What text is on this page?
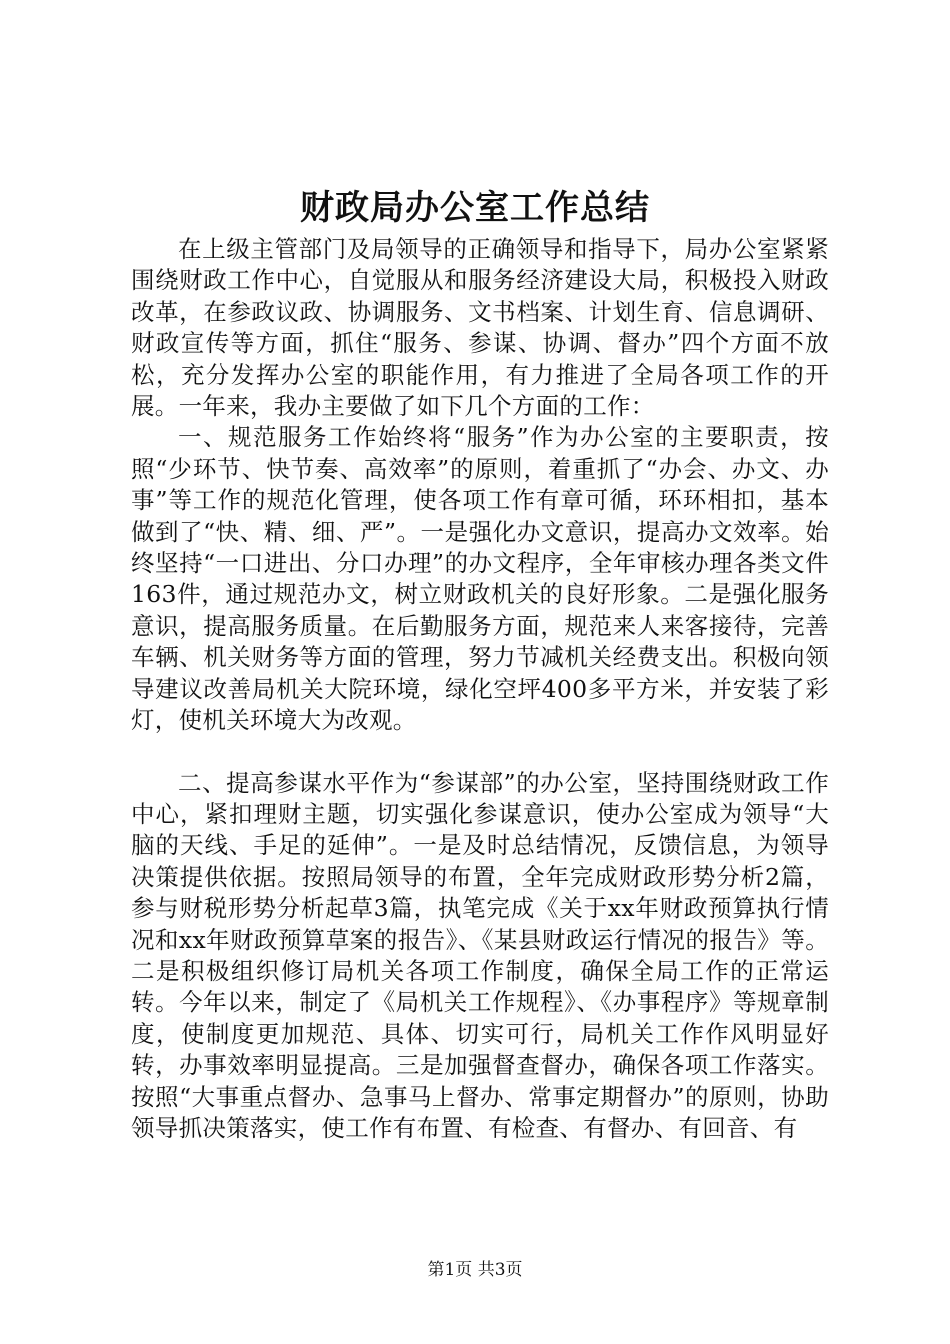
财政局办公室工作总结

在上级主管部门及局领导的正确领导和指导下，局办公室紧紧围绕财政工作中心，自觉服从和服务经济建设大局，积极投入财政改革，在参政议政、协调服务、文书档案、计划生育、信息调研、财政宣传等方面，抓住“服务、参谋、协调、督办”四个方面不放松，充分发挥办公室的职能作用，有力推进了全局各项工作的开展。一年来，我办主要做了如下几个方面的工作：

一、规范服务工作始终将“服务”作为办公室的主要职责，按照“少环节、快节奏、高效率”的原则，着重抓了“办会、办文、办事”等工作的规范化管理，使各项工作有章可循，环环相扣，基本做到了“快、精、细、严”。一是强化办文意识，提高办文效率。始终坚持“一口进出、分口办理”的办文程序，全年审核办理各类文件163件，通过规范办文，树立财政机关的良好形象。二是强化服务意识，提高服务质量。在后勤服务方面，规范来人来客接待，完善车辆、机关财务等方面的管理，努力节减机关经费支出。积极向领导建议改善局机关大院环境，绿化空坪400多平方米，并安装了彩灯，使机关环境大为改观。

二、提高参谋水平作为“参谋部”的办公室，坚持围绕财政工作中心，紧扣理财主题，切实强化参谋意识，使办公室成为领导“大脑的天线、手足的延伸”。一是及时总结情况，反馈信息，为领导决策提供依据。按照局领导的布置，全年完成财政形势分析2篇，参与财税形势分析起草3篇，执笔完成《关于xx年财政预算执行情况和xx年财政预算草案的报告》、《某县财政运行情况的报告》等。二是积极组织修订局机关各项工作制度，确保全局工作的正常运转。今年以来，制定了《局机关工作规程》、《办事程序》等规章制度，使制度更加规范、具体、切实可行，局机关工作作风明显好转，办事效率明显提高。三是加强督查督办，确保各项工作落实。按照“大事重点督办、急事马上督办、常事定期督办”的原则，协助领导抓决策落实，使工作有布置、有检查、有督办、有回音、有

第1页 共3页
